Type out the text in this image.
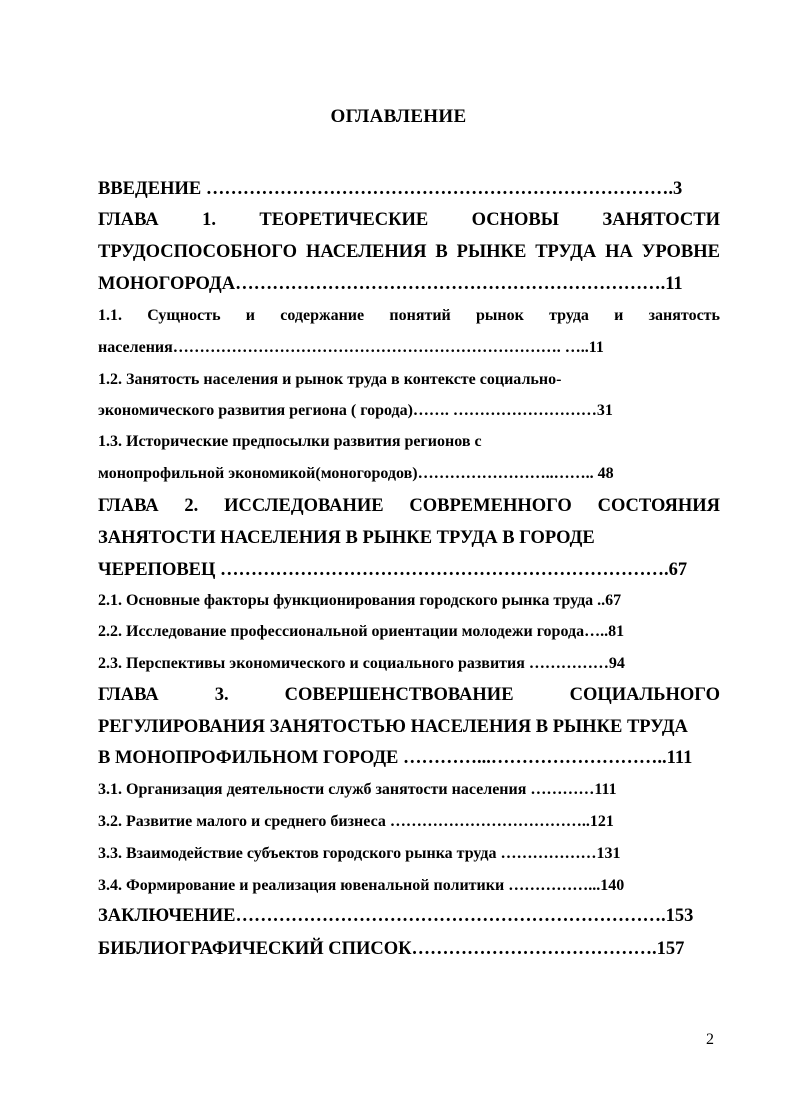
ОГЛАВЛЕНИЕ
ВВЕДЕНИЕ ………………………………………………………………….3
ГЛАВА 1. ТЕОРЕТИЧЕСКИЕ ОСНОВЫ ЗАНЯТОСТИ
ТРУДОСПОСОБНОГО НАСЕЛЕНИЯ В РЫНКЕ ТРУДА НА УРОВНЕ
МОНОГОРОДА…………………………………………………………….11
1.1. Сущность и содержание понятий рынок труда и занятость
населения………………………………………………………………. …..11
1.2. Занятость населения и рынок труда в контексте социально-
экономического развития региона ( города)……. ………………………31
1.3. Исторические предпосылки развития регионов с
монопрофильной экономикой(моногородов)……………………..…….. 48
ГЛАВА 2. ИССЛЕДОВАНИЕ СОВРЕМЕННОГО СОСТОЯНИЯ
ЗАНЯТОСТИ НАСЕЛЕНИЯ В РЫНКЕ ТРУДА В ГОРОДЕ
ЧЕРЕПОВЕЦ ……………………………………………………………….67
2.1. Основные факторы функционирования городского рынка труда ..67
2.2. Исследование профессиональной ориентации молодежи города…..81
2.3. Перспективы экономического и социального развития ……………94
ГЛАВА 3. СОВЕРШЕНСТВОВАНИЕ СОЦИАЛЬНОГО
РЕГУЛИРОВАНИЯ ЗАНЯТОСТЬЮ НАСЕЛЕНИЯ В РЫНКЕ ТРУДА
В МОНОПРОФИЛЬНОМ ГОРОДЕ …………...………………………..111
3.1. Организация деятельности служб занятости населения …………111
3.2. Развитие малого и среднего бизнеса ………………………………..121
3.3. Взаимодействие субъектов городского рынка труда ………………131
3.4. Формирование и реализация ювенальной политики ……………...140
ЗАКЛЮЧЕНИЕ…………………………………………………………….153
БИБЛИОГРАФИЧЕСКИЙ СПИСОК………………………………….157
2
